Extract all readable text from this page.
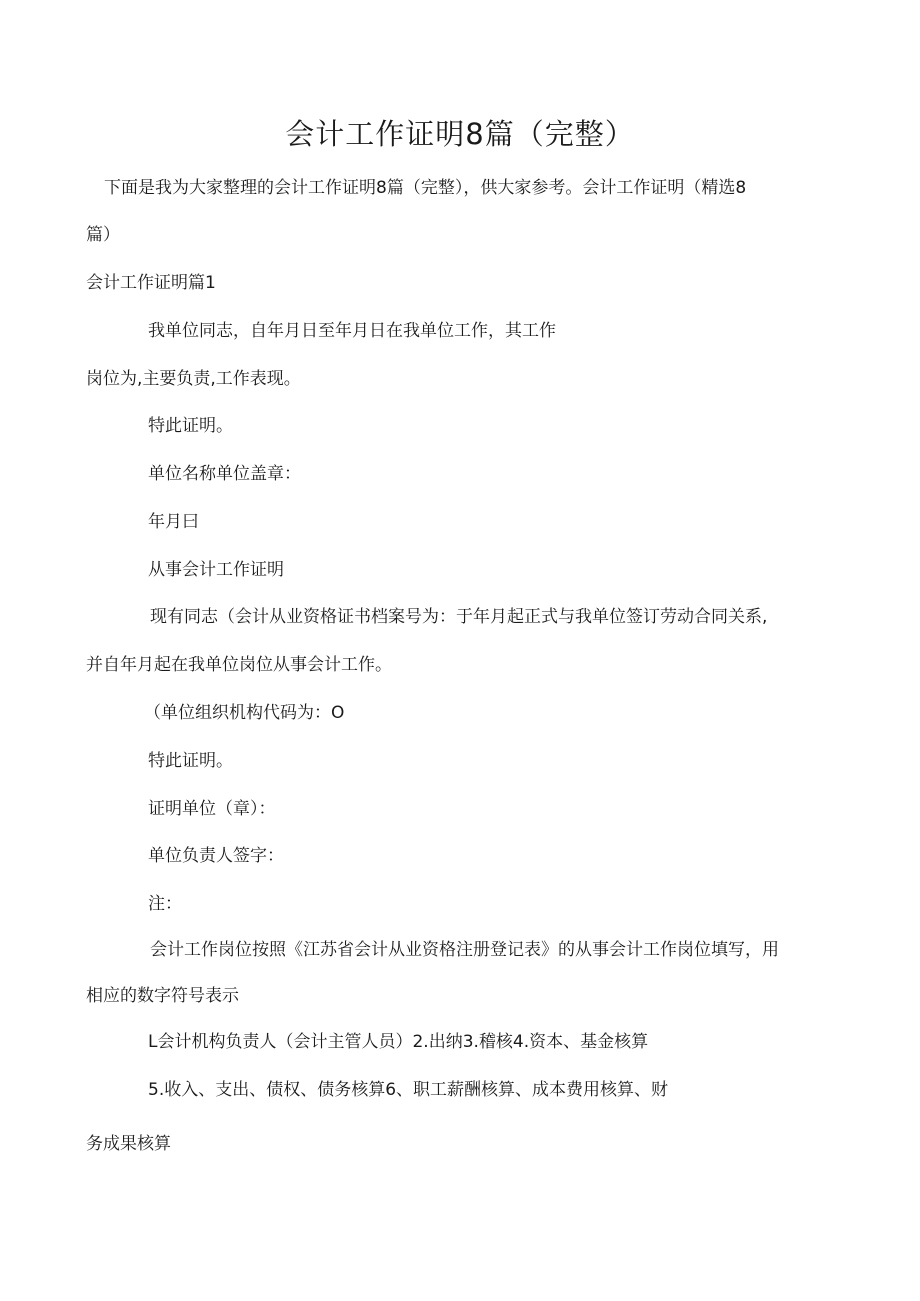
会计工作证明8篇（完整）

下面是我为大家整理的会计工作证明8篇（完整），供大家参考。会计工作证明（精选8

篇）

会计工作证明篇1

我单位同志，自年月日至年月日在我单位工作，其工作

岗位为,主要负责,工作表现。

特此证明。

单位名称单位盖章：

年月曰

从事会计工作证明

现有同志（会计从业资格证书档案号为：于年月起正式与我单位签订劳动合同关系,

并自年月起在我单位岗位从事会计工作。

（单位组织机构代码为：O

特此证明。

证明单位（章）：

单位负责人签字：

注：

会计工作岗位按照《江苏省会计从业资格注册登记表》的从事会计工作岗位填写，用

相应的数字符号表示

L会计机构负责人（会计主管人员）2.出纳3.稽核4.资本、基金核算

5.收入、支出、债权、债务核算6、职工薪酬核算、成本费用核算、财

务成果核算
